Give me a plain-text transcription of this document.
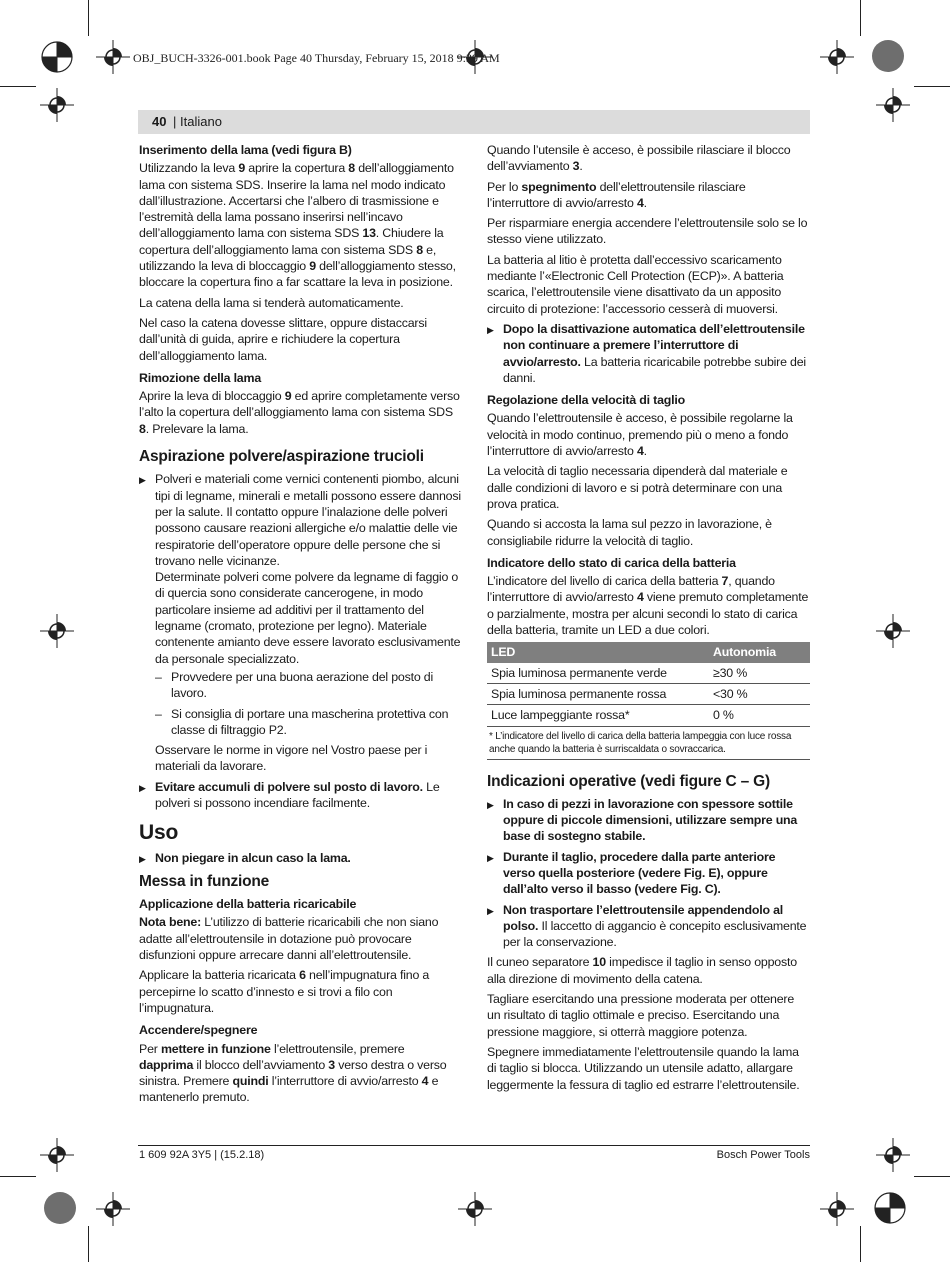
OBJ_BUCH-3326-001.book Page 40 Thursday, February 15, 2018 9:39 AM
40 | Italiano
Inserimento della lama (vedi figura B)

Utilizzando la leva 9 aprire la copertura 8 dell’alloggiamento lama con sistema SDS. Inserire la lama nel modo indicato dall’illustrazione. Accertarsi che l’albero di trasmissione e l’estremità della lama possano inserirsi nell’incavo dell’alloggiamento lama con sistema SDS 13. Chiudere la copertura dell’alloggiamento lama con sistema SDS 8 e, utilizzando la leva di bloccaggio 9 dell’alloggiamento stesso, bloccare la copertura fino a far scattare la leva in posizione.

La catena della lama si tenderà automaticamente.

Nel caso la catena dovesse slittare, oppure distaccarsi dall’unità di guida, aprire e richiudere la copertura dell’alloggiamento lama.

Rimozione della lama

Aprire la leva di bloccaggio 9 ed aprire completamente verso l’alto la copertura dell’alloggiamento lama con sistema SDS 8. Prelevare la lama.

Aspirazione polvere/aspirazione trucioli

▶ Polveri e materiali come vernici contenenti piombo, alcuni tipi di legname, minerali e metalli possono essere dannosi per la salute. Il contatto oppure l’inalazione delle polveri possono causare reazioni allergiche e/o malattie delle vie respiratorie dell’operatore oppure delle persone che si trovano nelle vicinanze.

Determinate polveri come polvere da legname di faggio o di quercia sono considerate cancerogene, in modo particolare insieme ad additivi per il trattamento del legname (cromato, protezione per legno). Materiale contenente amianto deve essere lavorato esclusivamente da personale specializzato.

– Provvedere per una buona aerazione del posto di lavoro.

– Si consiglia di portare una mascherina protettiva con classe di filtraggio P2.

Osservare le norme in vigore nel Vostro paese per i materiali da lavorare.

▶ Evitare accumuli di polvere sul posto di lavoro. Le polveri si possono incendiare facilmente.

Uso

▶ Non piegare in alcun caso la lama.

Messa in funzione
Applicazione della batteria ricaricabile

Nota bene: L’utilizzo di batterie ricaricabili che non siano adatte all’elettroutensile in dotazione può provocare disfunzioni oppure arrecare danni all’elettroutensile.

Applicare la batteria ricaricata 6 nell’impugnatura fino a percepirne lo scatto d’innesto e si trovi a filo con l’impugnatura.

Accendere/spegnere

Per mettere in funzione l’elettroutensile, premere dapprima il blocco dell’avviamento 3 verso destra o verso sinistra. Premere quindi l’interruttore di avvio/arresto 4 e mantenerlo premuto.

Quando l’utensile è acceso, è possibile rilasciare il blocco dell’avviamento 3.

Per lo spegnimento dell’elettroutensile rilasciare l’interruttore di avvio/arresto 4.

Per risparmiare energia accendere l’elettroutensile solo se lo stesso viene utilizzato.

La batteria al litio è protetta dall’eccessivo scaricamento mediante l’«Electronic Cell Protection (ECP)». A batteria scarica, l’elettroutensile viene disattivato da un apposito circuito di protezione: l’accessorio cesserà di muoversi.

▶ Dopo la disattivazione automatica dell’elettroutensile non continuare a premere l’interruttore di avvio/arresto. La batteria ricaricabile potrebbe subire dei danni.

Regolazione della velocità di taglio

Quando l’elettroutensile è acceso, è possibile regolarne la velocità in modo continuo, premendo più o meno a fondo l’interruttore di avvio/arresto 4.

La velocità di taglio necessaria dipenderà dal materiale e dalle condizioni di lavoro e si potrà determinare con una prova pratica.

Quando si accosta la lama sul pezzo in lavorazione, è consigliabile ridurre la velocità di taglio.

Indicatore dello stato di carica della batteria

L’indicatore del livello di carica della batteria 7, quando l’interruttore di avvio/arresto 4 viene premuto completamente o parzialmente, mostra per alcuni secondi lo stato di carica della batteria, tramite un LED a due colori.

LED	Autonomia
Spia luminosa permanente verde	≥30 %
Spia luminosa permanente rossa	<30 %
Luce lampeggiante rossa*	0 %
* L’indicatore del livello di carica della batteria lampeggia con luce rossa anche quando la batteria è surriscaldata o sovraccarica.
Indicazioni operative (vedi figure C – G)

▶ In caso di pezzi in lavorazione con spessore sottile oppure di piccole dimensioni, utilizzare sempre una base di sostegno stabile.

▶ Durante il taglio, procedere dalla parte anteriore verso quella posteriore (vedere Fig. E), oppure dall’alto verso il basso (vedere Fig. C).

▶ Non trasportare l’elettroutensile appendendolo al polso. Il laccetto di aggancio è concepito esclusivamente per la conservazione.

Il cuneo separatore 10 impedisce il taglio in senso opposto alla direzione di movimento della catena.

Tagliare esercitando una pressione moderata per ottenere un risultato di taglio ottimale e preciso. Esercitando una pressione maggiore, si otterrà maggiore potenza.

Spegnere immediatamente l’elettroutensile quando la lama di taglio si blocca. Utilizzando un utensile adatto, allargare leggermente la fessura di taglio ed estrarre l’elettroutensile.

1 609 92A 3Y5 | (15.2.18)	Bosch Power Tools
